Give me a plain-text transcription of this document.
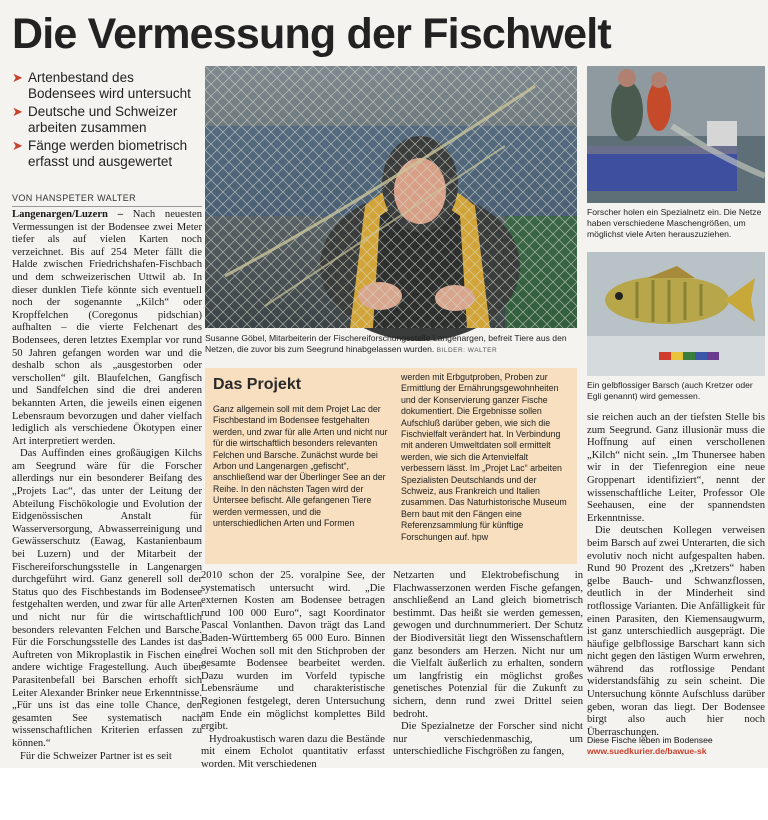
Die Vermessung der Fischwelt
➤ Artenbestand des Bodensees wird untersucht
➤ Deutsche und Schweizer arbeiten zusammen
➤ Fänge werden biometrisch erfasst und ausgewertet
VON HANSPETER WALTER

Langenargen/Luzern – Nach neuesten Vermessungen ist der Bodensee zwei Meter tiefer als auf vielen Karten noch verzeichnet. Bis auf 254 Meter fällt die Halde zwischen Friedrichshafen-Fischbach und dem schweizerischen Uttwil ab. In dieser dunklen Tiefe könnte sich eventuell noch der sogenannte „Kilch“ oder Kropffelchen (Coregonus pidschian) aufhalten – die vierte Felchenart des Bodensees, deren letztes Exemplar vor rund 50 Jahren gefangen worden war und die deshalb schon als „ausgestorben oder verschollen“ gilt. Blaufelchen, Gangfisch und Sandfelchen sind die drei anderen bekannten Arten, die jeweils einen eigenen Lebensraum bevorzugen und daher vielfach lediglich als verschiedene Ökotypen einer Art interpretiert werden.

Das Auffinden eines großäugigen Kilchs am Seegrund wäre für die Forscher allerdings nur ein besonderer Beifang des „Projets Lac“, das unter der Leitung der Abteilung Fischökologie und Evolution der Eidgenössischen Anstalt für Wasserversorgung, Abwasserreinigung und Gewässerschutz (Eawag, Kastanienbaum bei Luzern) und der Mitarbeit der Fischereiforschungsstelle in Langenargen durchgeführt wird. Ganz generell soll der Status quo des Fischbestands im Bodensee festgehalten werden, und zwar für alle Arten und nicht nur für die wirtschaftlich besonders relevanten Felchen und Barsche. Für die Forschungsstelle des Landes ist das Auftreten von Mikroplastik in Fischen eine andere wichtige Fragestellung. Auch über Parasitenbefall bei Barschen erhofft sich Leiter Alexander Brinker neue Erkenntnisse. „Für uns ist das eine tolle Chance, den gesamten See systematisch nach wissenschaftlichen Kriterien erfassen zu können.“

Für die Schweizer Partner ist es seit

Susanne Göbel, Mitarbeiterin der Fischereiforschungsstelle Langenargen, befreit Tiere aus den Netzen, die zuvor bis zum Seegrund hinabgelassen wurden. BILDER: WALTER
Forscher holen ein Spezialnetz ein. Die Netze haben verschiedene Maschengrößen, um möglichst viele Arten herauszuziehen.
Ein gelbflossiger Barsch (auch Kretzer oder Egli genannt) wird gemessen.
Das Projekt
Ganz allgemein soll mit dem Projet Lac der Fischbestand im Bodensee festgehalten werden, und zwar für alle Arten und nicht nur für die wirtschaftlich besonders relevanten Felchen und Barsche. Zunächst wurde bei Arbon und Langenargen „gefischt“, anschließend war der Überlinger See an der Reihe. In den nächsten Tagen wird der Untersee befischt. Alle gefangenen Tiere werden vermessen, und die unterschiedlichen Arten und Formen
werden mit Erbgutproben, Proben zur Ermittlung der Ernährungsgewohnheiten und der Konservierung ganzer Fische dokumentiert. Die Ergebnisse sollen Aufschluß darüber geben, wie sich die Fischvielfalt verändert hat. In Verbindung mit anderen Umweltdaten soll ermittelt werden, wie sich die Artenvielfalt verbessern lässt. Im „Projet Lac“ arbeiten Spezialisten Deutschlands und der Schweiz, aus Frankreich und Italien zusammen. Das Naturhistorische Museum Bern baut mit den Fängen eine Referenzsammlung für künftige Forschungen auf. hpw

2010 schon der 25. voralpine See, der systematisch untersucht wird. „Die externen Kosten am Bodensee betragen rund 100 000 Euro“, sagt Koordinator Pascal Vonlanthen. Davon trägt das Land Baden-Württemberg 65 000 Euro. Binnen drei Wochen soll mit den Stichproben der gesamte Bodensee bearbeitet werden. Dazu wurden im Vorfeld typische Lebensräume und charakteristische Regionen festgelegt, deren Untersuchung am Ende ein möglichst komplettes Bild ergibt.

Hydroakustisch waren dazu die Bestände mit einem Echolot quantitativ erfasst worden. Mit verschiedenen

Netzarten und Elektrobefischung in Flachwasserzonen werden Fische gefangen, anschließend an Land gleich biometrisch bestimmt. Das heißt sie werden gemessen, gewogen und durchnummeriert. Der Schutz der Biodiversität liegt den Wissenschaftlern ganz besonders am Herzen. Nicht nur um die Vielfalt äußerlich zu erhalten, sondern um langfristig ein möglichst großes genetisches Potenzial für die Zukunft zu sichern, denn rund zwei Drittel seien bedroht.

Die Spezialnetze der Forscher sind nicht nur verschiedenmaschig, um unterschiedliche Fischgrößen zu fangen,

sie reichen auch an der tiefsten Stelle bis zum Seegrund. Ganz illusionär muss die Hoffnung auf einen verschollenen „Kilch“ nicht sein. „Im Thunersee haben wir in der Tiefenregion eine neue Groppenart identifiziert“, nennt der wissenschaftliche Leiter, Professor Ole Seehausen, eine der spannendsten Erkenntnisse.

Die deutschen Kollegen verweisen beim Barsch auf zwei Unterarten, die sich evolutiv noch nicht aufgespalten haben. Rund 90 Prozent des „Kretzers“ haben gelbe Bauch- und Schwanzflossen, deutlich in der Minderheit sind rotflossige Varianten. Die Anfälligkeit für einen Parasiten, den Kiemensaugwurm, ist ganz unterschiedlich ausgeprägt. Die häufige gelbflossige Barschart kann sich nicht gegen den lästigen Wurm erwehren, während das rotflossige Pendant widerstandsfähig zu sein scheint. Die Untersuchung könnte Aufschluss darüber geben, woran das liegt. Der Bodensee birgt also auch hier noch Überraschungen.

Diese Fische leben im Bodensee
www.suedkurier.de/bawue-sk
